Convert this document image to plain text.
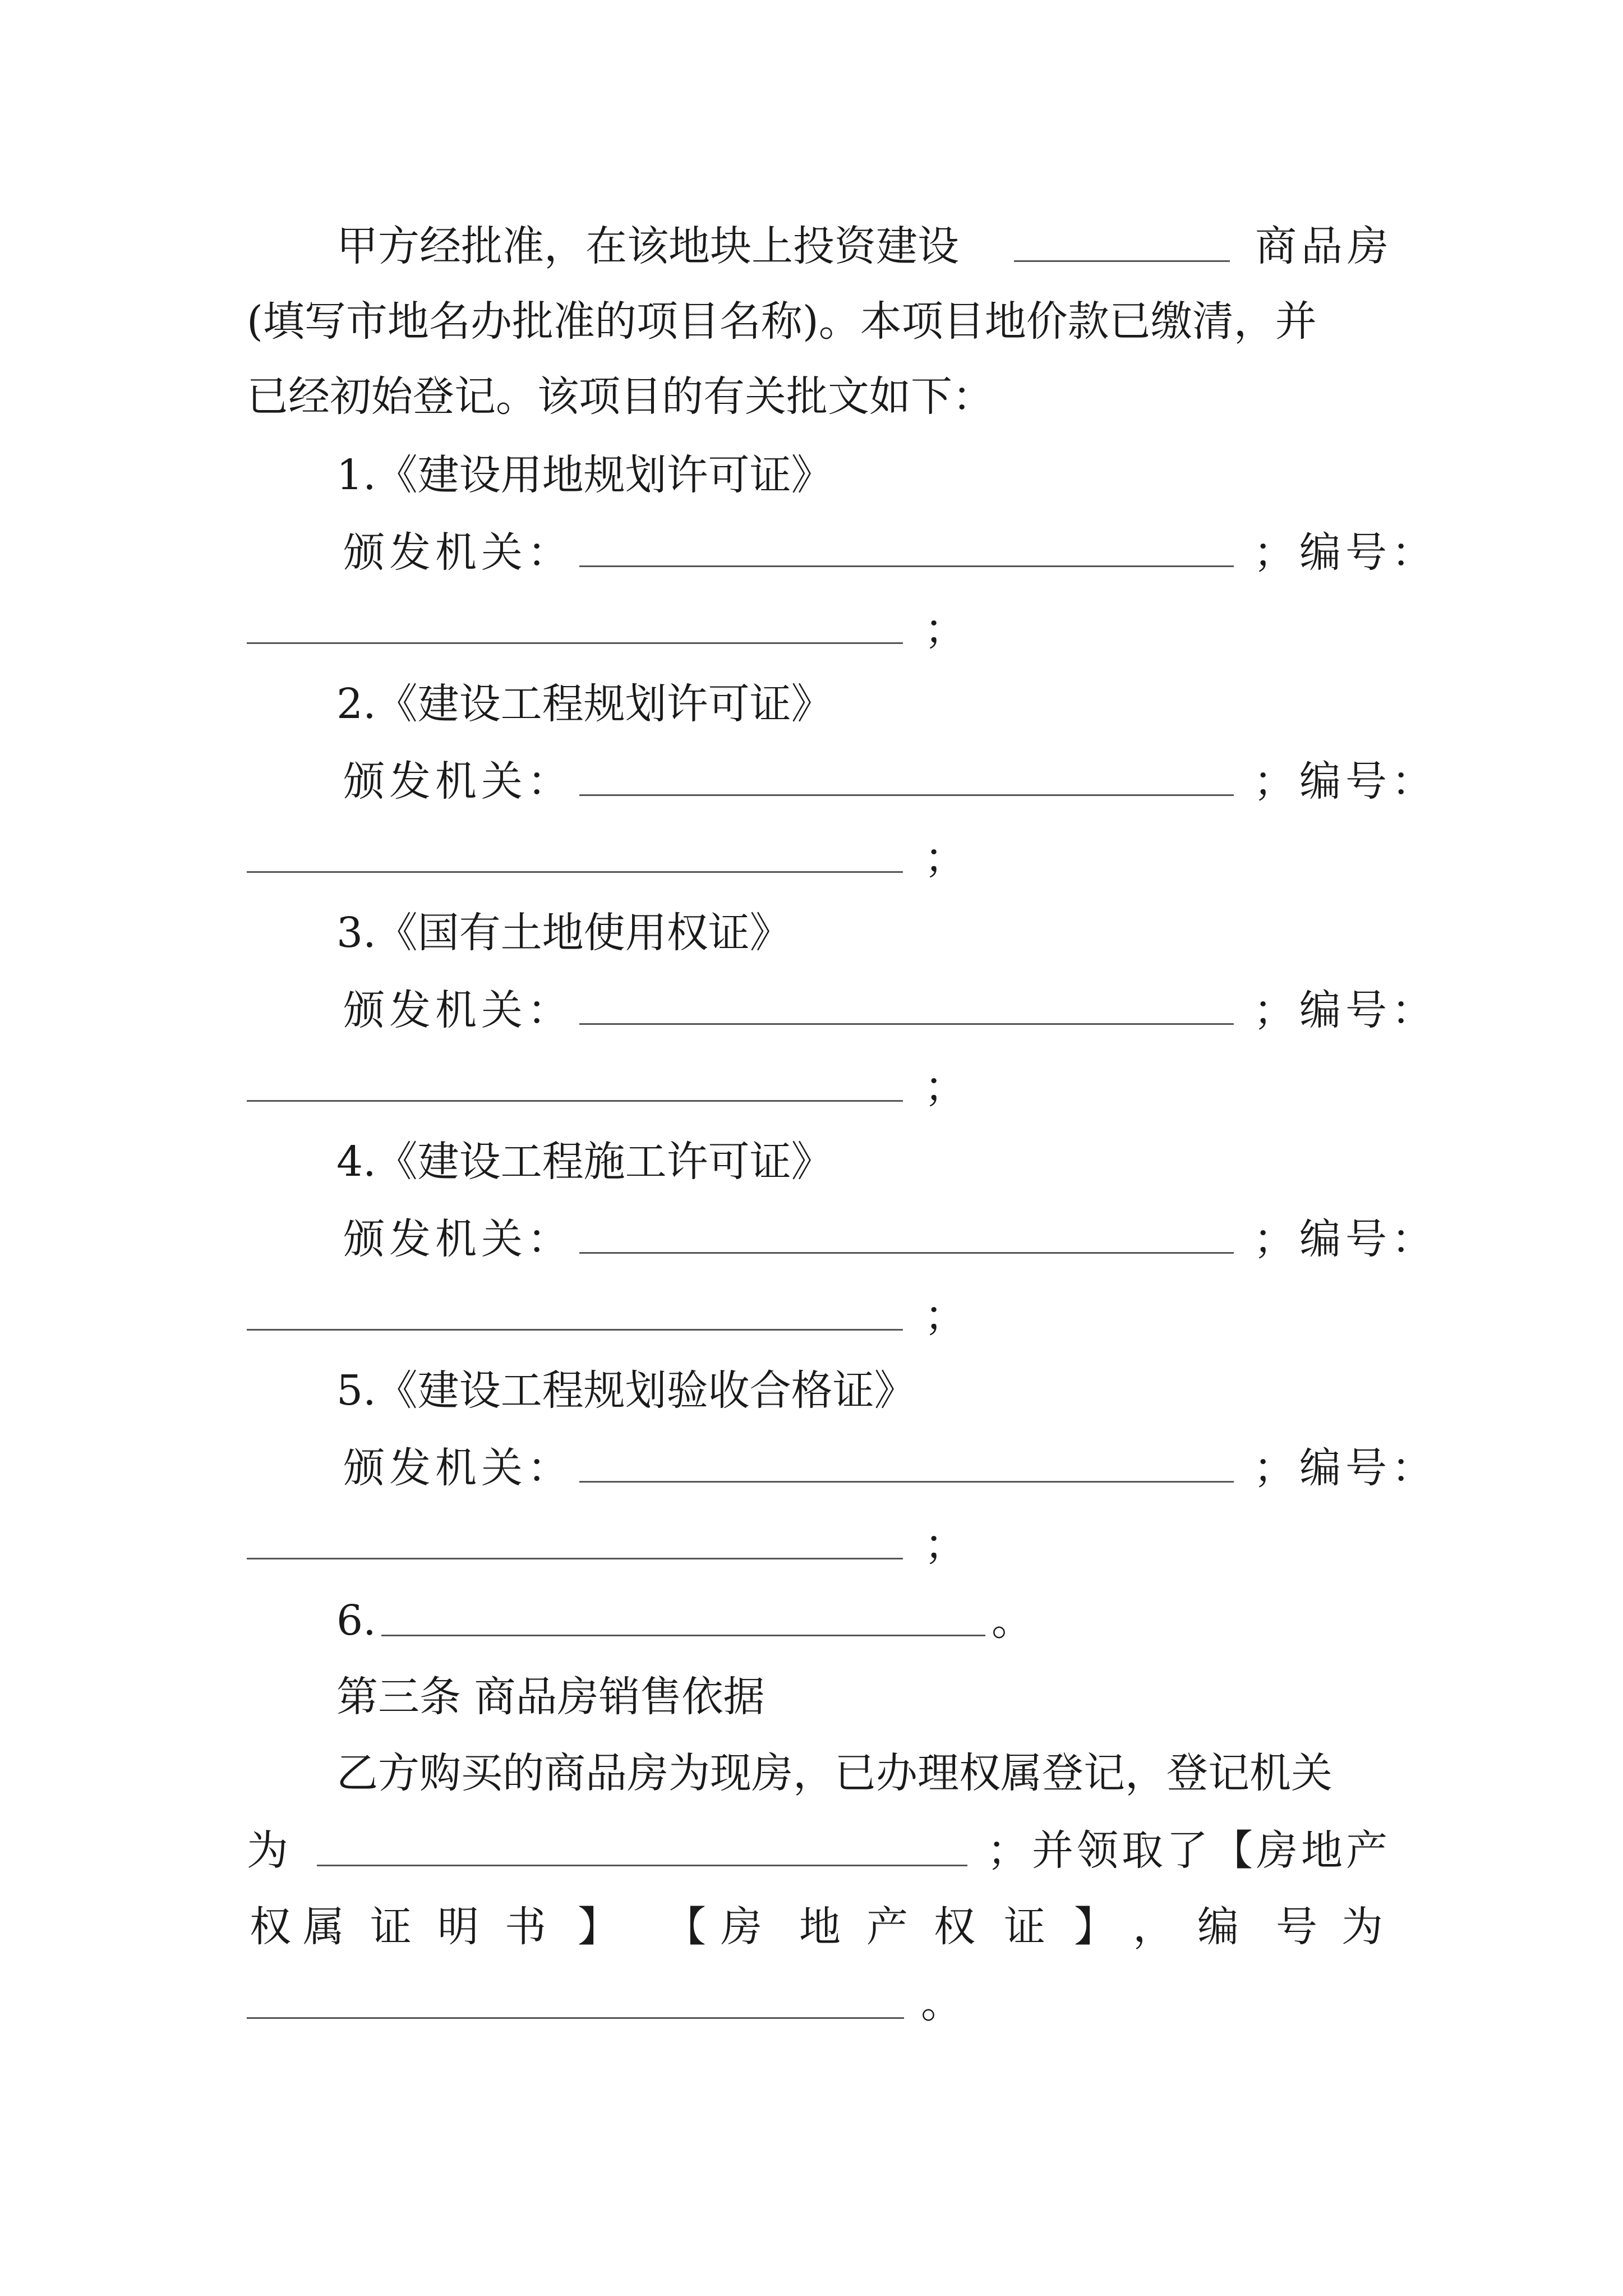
甲方经批准，在该地块上投资建设	商品房
(填写市地名办批准的项目名称)。本项目地价款已缴清，并
已经初始登记。该项目的有关批文如下：
1.《建设用地规划许可证》
颁发机关：	；编号：
；
2.《建设工程规划许可证》
颁发机关：	；编号：
；
3.《国有土地使用权证》
颁发机关：	；编号：
；
4.《建设工程施工许可证》
颁发机关：	；编号：
；
5.《建设工程规划验收合格证》
颁发机关：	；编号：
；
6.	。
第三条 商品房销售依据
乙方购买的商品房为现房，已办理权属登记，登记机关
为	；并领取了【房地产
权 属 证 明 书 】 【 房 地 产 权 证 】 ， 编 号 为
。
